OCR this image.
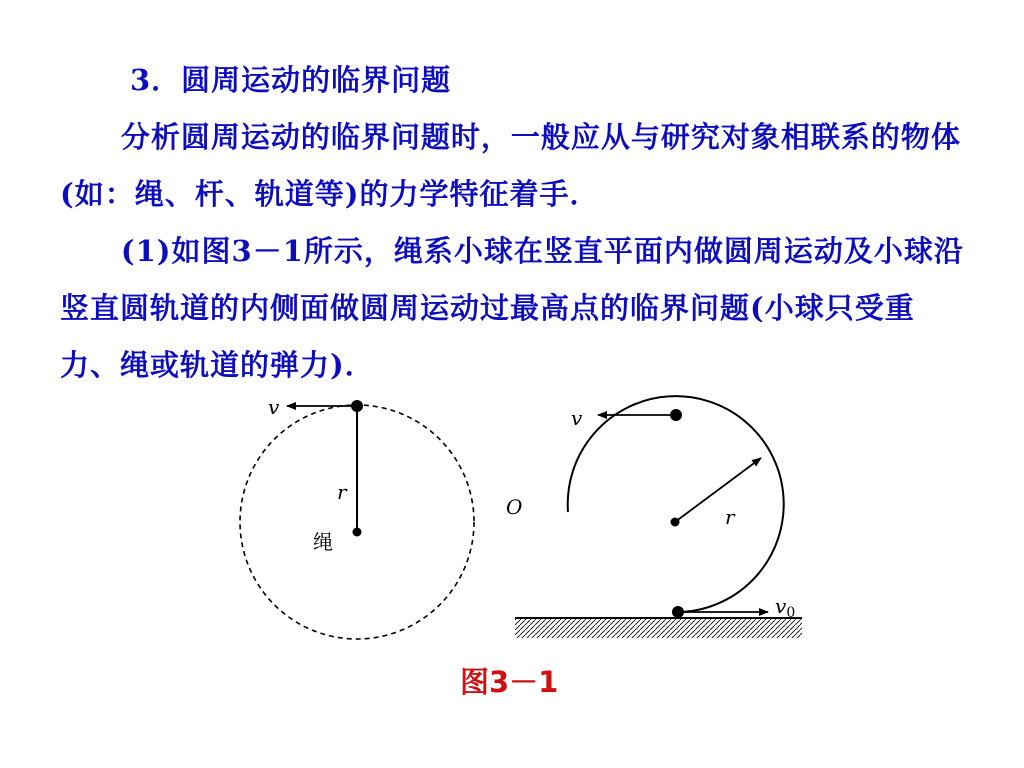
3．圆周运动的临界问题

分析圆周运动的临界问题时，一般应从与研究对象相联系的物体(如：绳、杆、轨道等)的力学特征着手．

(1)如图3－1所示，绳系小球在竖直平面内做圆周运动及小球沿竖直圆轨道的内侧面做圆周运动过最高点的临界问题(小球只受重力、绳或轨道的弹力)．

v
r
绳
v
r
O
$v_0$
图3－1
